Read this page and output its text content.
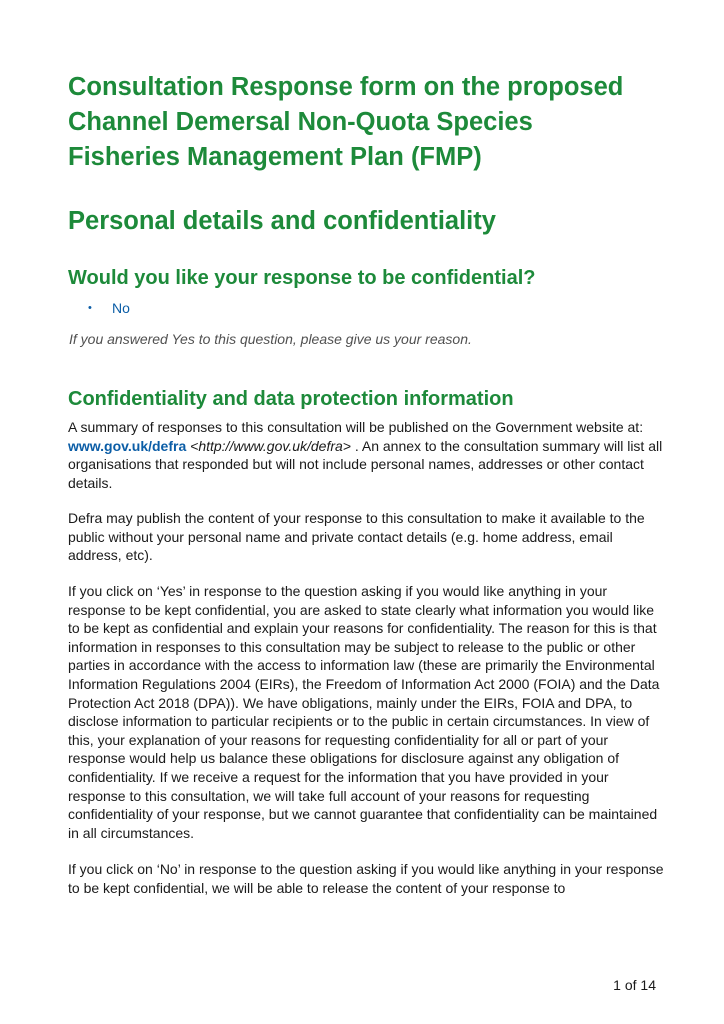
Consultation Response form on the proposed
Channel Demersal Non-Quota Species
Fisheries Management Plan (FMP)
Personal details and confidentiality
Would you like your response to be confidential?
•	No

If you answered Yes to this question, please give us your reason.

Confidentiality and data protection information

A summary of responses to this consultation will be published on the Government website at: www.gov.uk/defra <http://www.gov.uk/defra> . An annex to the consultation summary will list all organisations that responded but will not include personal names, addresses or other contact details.

Defra may publish the content of your response to this consultation to make it available to the public without your personal name and private contact details (e.g. home address, email address, etc).

If you click on ‘Yes’ in response to the question asking if you would like anything in your response to be kept confidential, you are asked to state clearly what information you would like to be kept as confidential and explain your reasons for confidentiality. The reason for this is that information in responses to this consultation may be subject to release to the public or other parties in accordance with the access to information law (these are primarily the Environmental Information Regulations 2004 (EIRs), the Freedom of Information Act 2000 (FOIA) and the Data Protection Act 2018 (DPA)). We have obligations, mainly under the EIRs, FOIA and DPA, to disclose information to particular recipients or to the public in certain circumstances. In view of this, your explanation of your reasons for requesting confidentiality for all or part of your response would help us balance these obligations for disclosure against any obligation of confidentiality. If we receive a request for the information that you have provided in your response to this consultation, we will take full account of your reasons for requesting confidentiality of your response, but we cannot guarantee that confidentiality can be maintained in all circumstances.

If you click on ‘No’ in response to the question asking if you would like anything in your response to be kept confidential, we will be able to release the content of your response to

1 of 14
